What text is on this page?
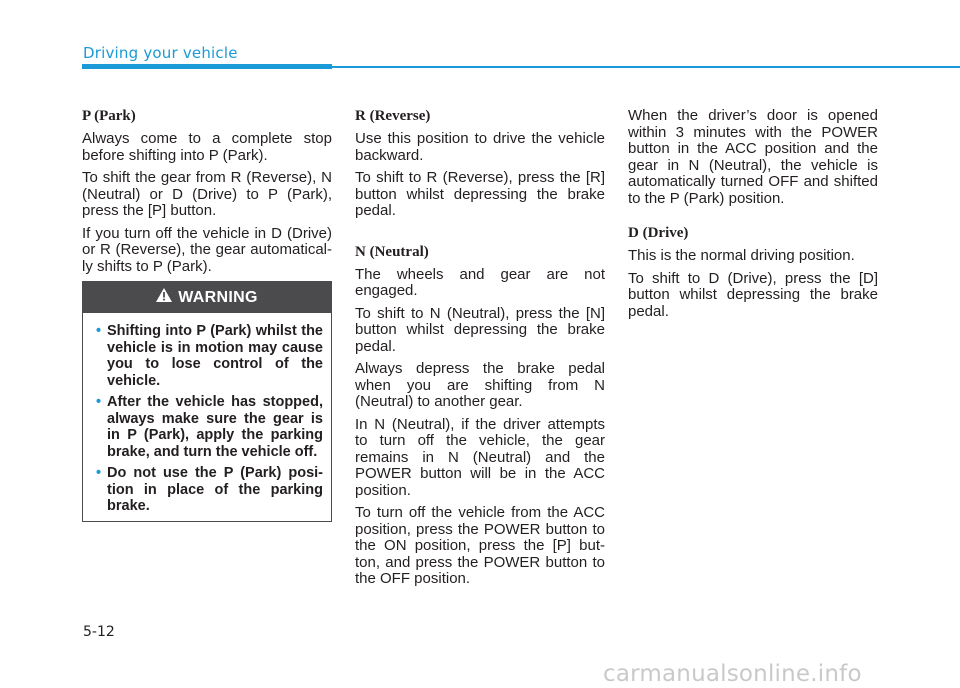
Driving your vehicle

P (Park)

Always come to a complete stop before shifting into P (Park).

To shift the gear from R (Reverse), N (Neutral) or D (Drive) to P (Park), press the [P] button.

If you turn off the vehicle in D (Drive) or R (Reverse), the gear automatical-ly shifts to P (Park).

WARNING
• Shifting into P (Park) whilst the vehicle is in motion may cause you to lose control of the vehicle.
• After the vehicle has stopped, always make sure the gear is in P (Park), apply the parking brake, and turn the vehicle off.
• Do not use the P (Park) posi-tion in place of the parking brake.

R (Reverse)

Use this position to drive the vehicle backward.

To shift to R (Reverse), press the [R] button whilst depressing the brake pedal.

N (Neutral)

The wheels and gear are not engaged.

To shift to N (Neutral), press the [N] button whilst depressing the brake pedal.

Always depress the brake pedal when you are shifting from N (Neutral) to another gear.

In N (Neutral), if the driver attempts to turn off the vehicle, the gear remains in N (Neutral) and the POWER button will be in the ACC position.

To turn off the vehicle from the ACC position, press the POWER button to the ON position, press the [P] but-ton, and press the POWER button to the OFF position.

When the driver’s door is opened within 3 minutes with the POWER button in the ACC position and the gear in N (Neutral), the vehicle is automatically turned OFF and shifted to the P (Park) position.

D (Drive)

This is the normal driving position.

To shift to D (Drive), press the [D] button whilst depressing the brake pedal.

5-12
carmanualsonline.info
